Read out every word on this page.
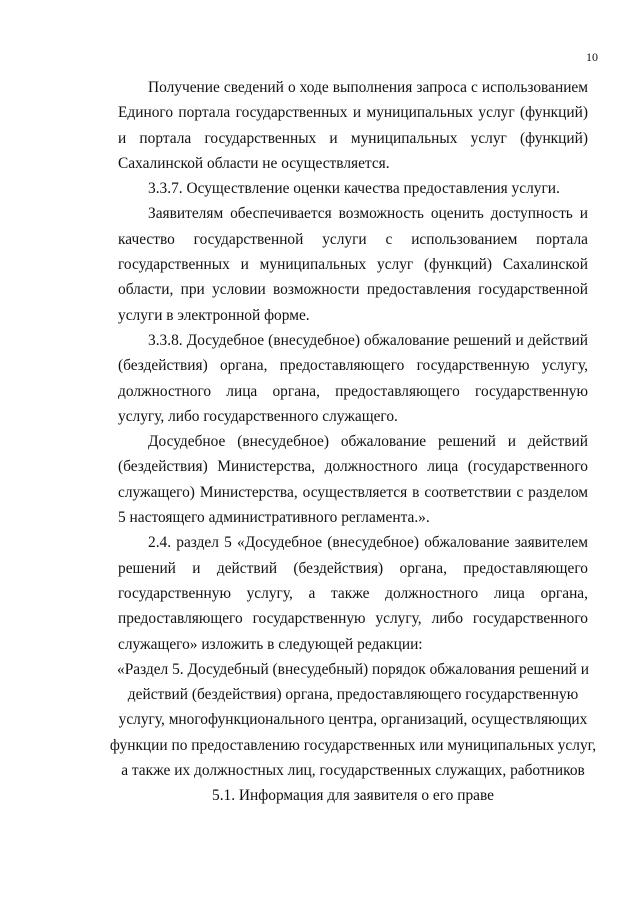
10

Получение сведений о ходе выполнения запроса с использованием Единого портала государственных и муниципальных услуг (функций) и портала государственных и муниципальных услуг (функций) Сахалинской области не осуществляется.

3.3.7. Осуществление оценки качества предоставления услуги.

Заявителям обеспечивается возможность оценить доступность и качество государственной услуги с использованием портала государственных и муниципальных услуг (функций) Сахалинской области, при условии возможности предоставления государственной услуги в электронной форме.

3.3.8. Досудебное (внесудебное) обжалование решений и действий (бездействия) органа, предоставляющего государственную услугу, должностного лица органа, предоставляющего государственную услугу, либо государственного служащего.

Досудебное (внесудебное) обжалование решений и действий (бездействия) Министерства, должностного лица (государственного служащего) Министерства, осуществляется в соответствии с разделом 5 настоящего административного регламента.».

2.4. раздел 5 «Досудебное (внесудебное) обжалование заявителем решений и действий (бездействия) органа, предоставляющего государственную услугу, а также должностного лица органа, предоставляющего государственную услугу, либо государственного служащего» изложить в следующей редакции:

«Раздел 5. Досудебный (внесудебный) порядок обжалования решений и действий (бездействия) органа, предоставляющего государственную услугу, многофункционального центра, организаций, осуществляющих функции по предоставлению государственных или муниципальных услуг, а также их должностных лиц, государственных служащих, работников

5.1. Информация для заявителя о его праве
